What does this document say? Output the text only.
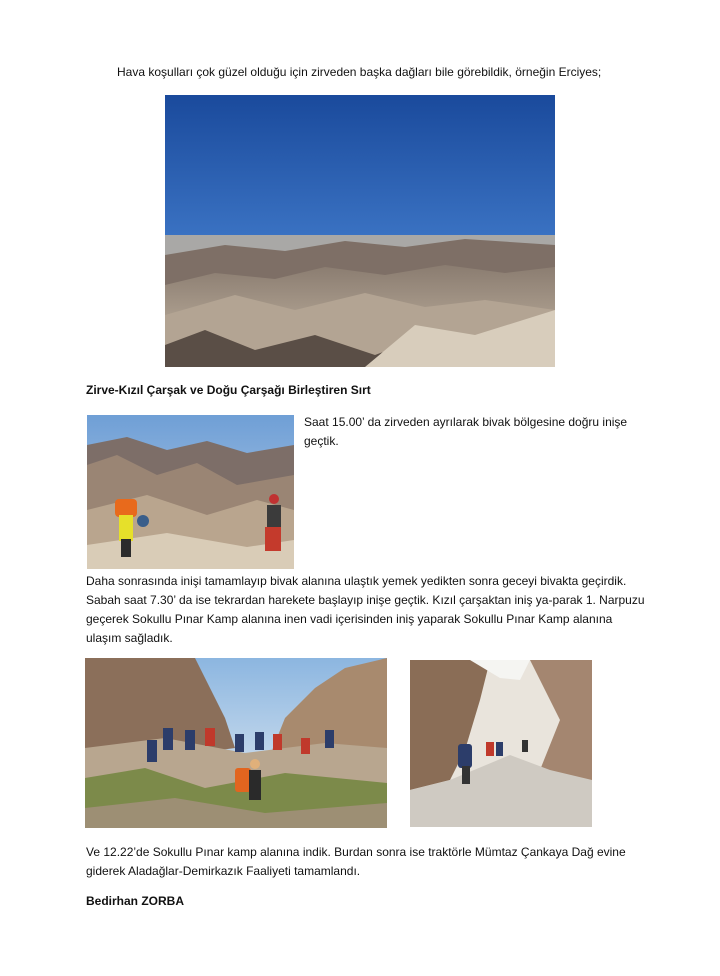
Hava koşulları çok güzel olduğu için zirveden başka dağları bile görebildik, örneğin Erciyes;
Zirve-Kızıl Çarşak ve Doğu Çarşağı Birleştiren Sırt
Saat 15.00’ da zirveden ayrılarak bivak bölgesine doğru inişe geçtik.
Daha sonrasında inişi tamamlayıp bivak alanına ulaştık yemek yedikten sonra geceyi bivakta geçirdik. Sabah saat 7.30’ da ise tekrardan harekete başlayıp inişe geçtik. Kızıl çarşaktan iniş ya-parak 1. Narpuzu geçerek Sokullu Pınar Kamp alanına inen vadi içerisinden iniş yaparak Sokullu Pınar Kamp alanına ulaşım sağladık.
Ve 12.22’de Sokullu Pınar kamp alanına indik. Burdan sonra ise traktörle Mümtaz Çankaya Dağ evine giderek Aladağlar-Demirkazık Faaliyeti tamamlandı.
Bedirhan ZORBA
